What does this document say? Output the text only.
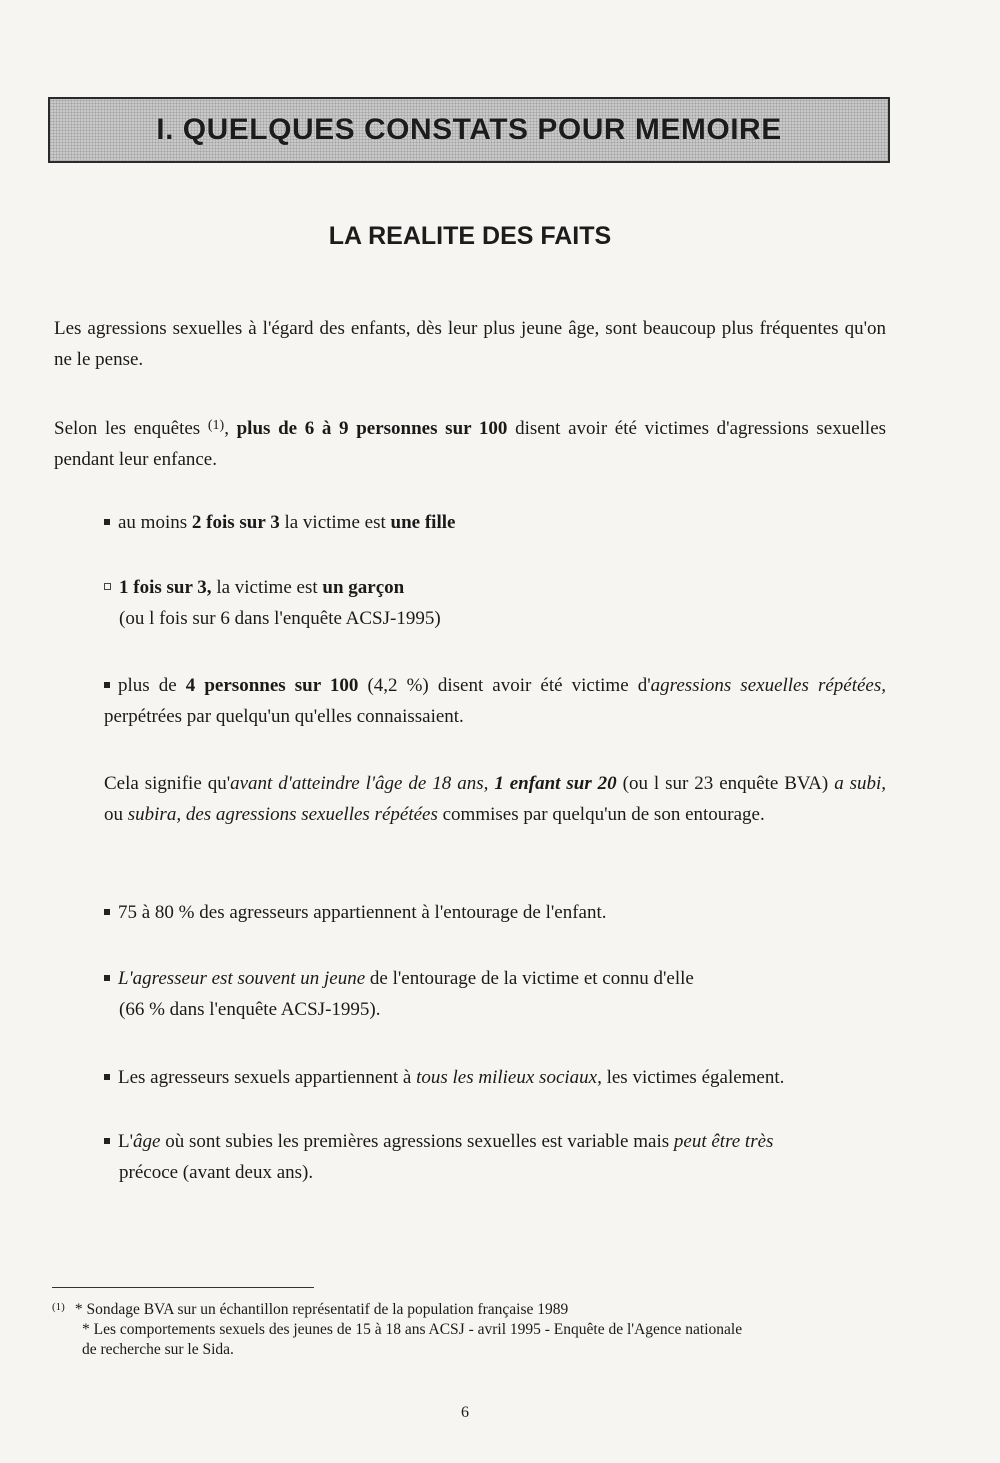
I. QUELQUES CONSTATS POUR MEMOIRE
LA REALITE DES FAITS

Les agressions sexuelles à l'égard des enfants, dès leur plus jeune âge, sont beaucoup plus fréquentes qu'on ne le pense.

Selon les enquêtes $^{(1)}$, plus de 6 à 9 personnes sur 100 disent avoir été victimes d'agressions sexuelles pendant leur enfance.

au moins 2 fois sur 3 la victime est une fille

1 fois sur 3, la victime est un garçon
(ou l fois sur 6 dans l'enquête ACSJ-1995)

plus de 4 personnes sur 100 (4,2 %) disent avoir été victime d'agressions sexuelles répétées, perpétrées par quelqu'un qu'elles connaissaient.

Cela signifie qu'avant d'atteindre l'âge de 18 ans, 1 enfant sur 20 (ou l sur 23 enquête BVA) a subi, ou subira, des agressions sexuelles répétées commises par quelqu'un de son entourage.

75 à 80 % des agresseurs appartiennent à l'entourage de l'enfant.

L'agresseur est souvent un jeune de l'entourage de la victime et connu d'elle
(66 % dans l'enquête ACSJ-1995).

Les agresseurs sexuels appartiennent à tous les milieux sociaux, les victimes également.

L'âge où sont subies les premières agressions sexuelles est variable mais peut être très
précoce (avant deux ans).

$^{(1)}$ * Sondage BVA sur un échantillon représentatif de la population française 1989
* Les comportements sexuels des jeunes de 15 à 18 ans ACSJ - avril 1995 - Enquête de l'Agence nationale
de recherche sur le Sida.

6
